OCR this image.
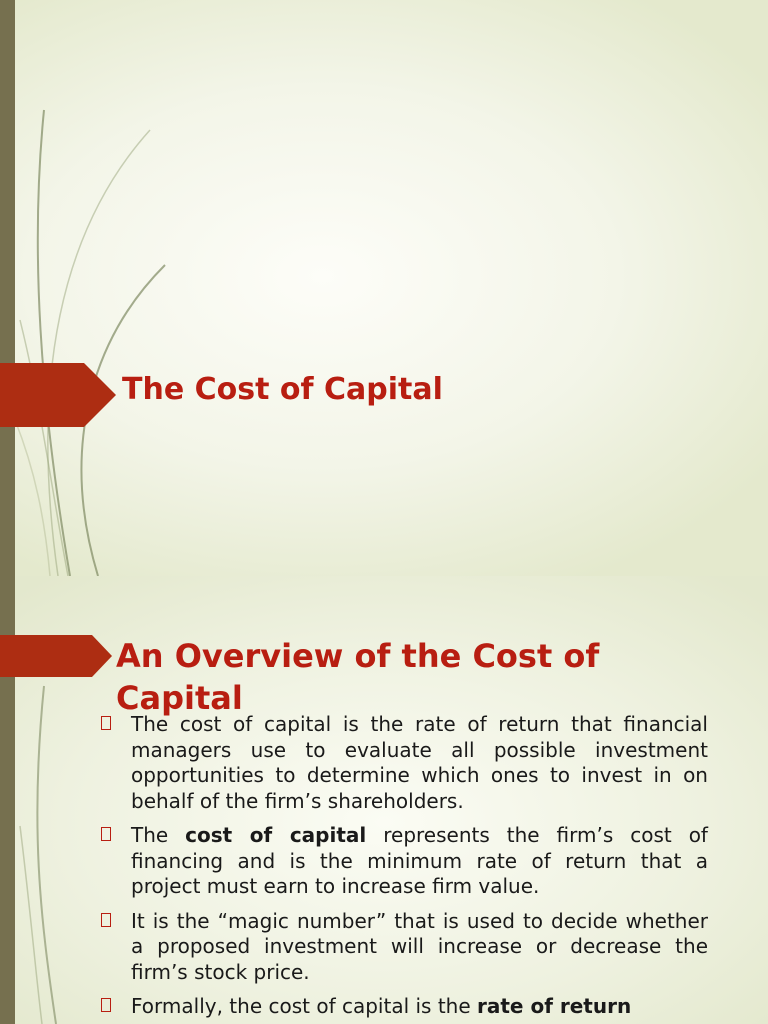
The Cost of Capital
An Overview of the Cost of Capital
The cost of capital is the rate of return that financial managers use to evaluate all possible investment opportunities to determine which ones to invest in on behalf of the firm’s shareholders.
The cost of capital represents the firm’s cost of financing and is the minimum rate of return that a project must earn to increase firm value.
It is the “magic number” that is used to decide whether a proposed investment will increase or decrease the firm’s stock price.
Formally, the cost of capital is the rate of return
